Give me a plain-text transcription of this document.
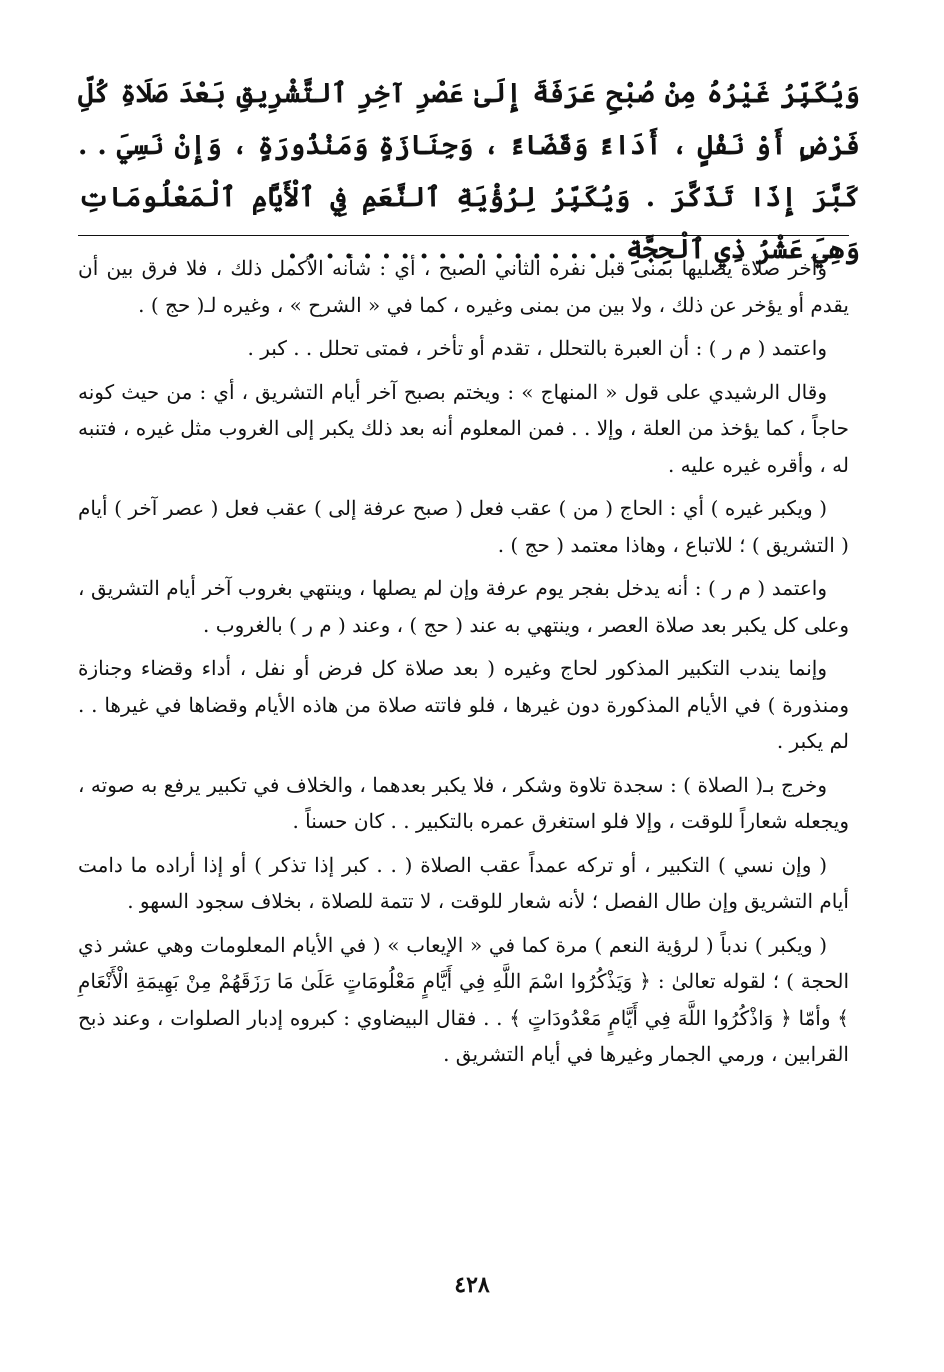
وَيُكَبِّرُ غَيْرُهُ مِنْ صُبْحِ عَرَفَةَ إِلَىٰ عَصْرِ آخِرِ ٱلتَّشْرِيقِ بَعْدَ صَلَاةِ كُلِّ فَرْضٍ أَوْ نَفْلٍ ، أَدَاءً وَقَضَاءً ، وَجِنَازَةٍ وَمَنْذُورَةٍ ، وَإِنْ نَسِيَ . . كَبَّرَ إِذَا تَذَكَّرَ . وَيُكَبِّرُ لِرُؤْيَةِ ٱلنَّعَمِ فِي ٱلْأَيَّامِ ٱلْمَعْلُومَاتِ وَهِيَ عَشْرُ ذِي ٱلْحِجَّةِ . . . . . . . . . . . . . . . . . .

وآخر صلاة يصليها بمنى قبل نفره الثاني الصبح ، أي : شأنه الأكمل ذلك ، فلا فرق بين أن يقدم أو يؤخر عن ذلك ، ولا بين من بمنى وغيره ، كما في « الشرح » ، وغيره لـ( حج ) .

واعتمد ( م ر ) : أن العبرة بالتحلل ، تقدم أو تأخر ، فمتى تحلل . . كبر .

وقال الرشيدي على قول « المنهاج » : ويختم بصبح آخر أيام التشريق ، أي : من حيث كونه حاجاً ، كما يؤخذ من العلة ، وإلا . . فمن المعلوم أنه بعد ذلك يكبر إلى الغروب مثل غيره ، فتنبه له ، وأقره غيره عليه .

( ويكبر غيره ) أي : الحاج ( من ) عقب فعل ( صبح عرفة إلى ) عقب فعل ( عصر آخر ) أيام ( التشريق ) ؛ للاتباع ، وهاذا معتمد ( حج ) .

واعتمد ( م ر ) : أنه يدخل بفجر يوم عرفة وإن لم يصلها ، وينتهي بغروب آخر أيام التشريق ، وعلى كل يكبر بعد صلاة العصر ، وينتهي به عند ( حج ) ، وعند ( م ر ) بالغروب .

وإنما يندب التكبير المذكور لحاج وغيره ( بعد صلاة كل فرض أو نفل ، أداء وقضاء وجنازة ومنذورة ) في الأيام المذكورة دون غيرها ، فلو فاتته صلاة من هاذه الأيام وقضاها في غيرها . . لم يكبر .

وخرج بـ( الصلاة ) : سجدة تلاوة وشكر ، فلا يكبر بعدهما ، والخلاف في تكبير يرفع به صوته ، ويجعله شعاراً للوقت ، وإلا فلو استغرق عمره بالتكبير . . كان حسناً .

( وإن نسي ) التكبير ، أو تركه عمداً عقب الصلاة ( . . كبر إذا تذكر ) أو إذا أراده ما دامت أيام التشريق وإن طال الفصل ؛ لأنه شعار للوقت ، لا تتمة للصلاة ، بخلاف سجود السهو .

( ويكبر ) ندباً ( لرؤية النعم ) مرة كما في « الإيعاب » ( في الأيام المعلومات وهي عشر ذي الحجة ) ؛ لقوله تعالىٰ : ﴿ وَيَذْكُرُوا اسْمَ اللَّهِ فِي أَيَّامٍ مَعْلُومَاتٍ عَلَىٰ مَا رَزَقَهُمْ مِنْ بَهِيمَةِ الْأَنْعَامِ ﴾ وأمّا ﴿ وَاذْكُرُوا اللَّهَ فِي أَيَّامٍ مَعْدُودَاتٍ ﴾ . . فقال البيضاوي : كبروه إدبار الصلوات ، وعند ذبح القرابين ، ورمي الجمار وغيرها في أيام التشريق .

٤٢٨
